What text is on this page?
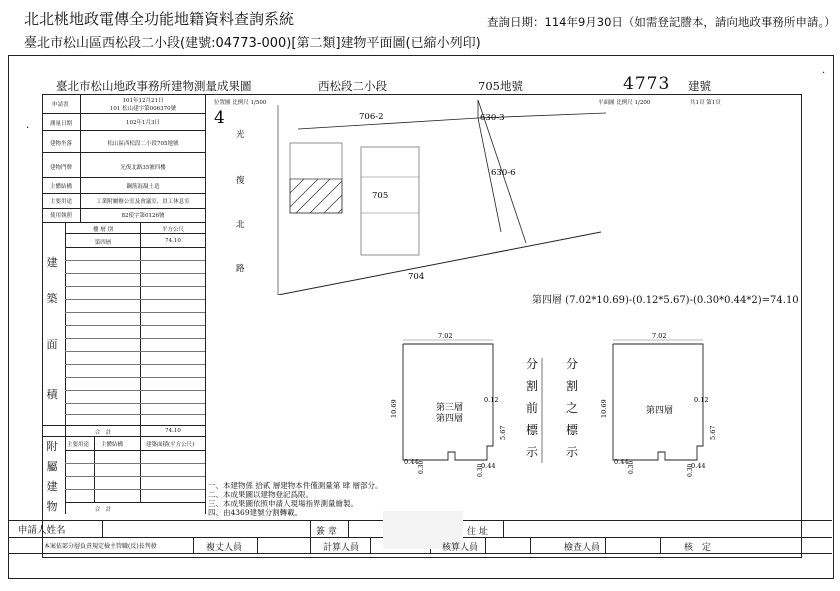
北北桃地政電傳全功能地籍資料查詢系統
臺北市松山區西松段二小段(建號:04773-000)[第二類]建物平面圖(已縮小列印)
查詢日期：114年9月30日（如需登記謄本，請向地政事務所申請。）
·
·
臺北市松山地政事務所建物測量成果圖	西松段二小段	705地號	4773 建號
位置圖 比例尺 1/500	平面圖 比例尺 1/200	共1頁 第1頁
申請書
101年12月21日
101 松山建字第006370號
測量日期	102年1月3日
建物坐落	松山區西松段二小段705地號
建物門牌	光復北路35號四樓
主體結構	鋼筋混凝土造
主要用途	工業附屬辦公室及會議室、員工休息室
使用執照	82使字第0126號
樓 層 別	平方公尺
第四層	74.10
合　計	74.10
建
築
面
積
主要用途 主體結構	建築面積(平方公尺)
合　計
附
屬
建
物
4
光
復
北
路
706-2	630-3
630-6
705
704
第四層 (7.02*10.69)-(0.12*5.67)-(0.30*0.44*2)=74.10
7.02
10.69	第三層
第四層
0.12
5.67
0.44	0.44
0.30	0.30
分
割
前
標
示
分
割
之
標
示
7.02
10.69	第四層
0.12
5.67
0.44	0.44
0.30	0.30
一、本建物係 拾貳 層建物本件僅測量第 肆 層部分。
二、本成果圖以建物登記爲限。
三、本成果圖依照申請人現場指界測量繪製。
四、由4369建號分割轉載。
申請人姓名	簽 章	住 址
本案依部分層負責規定檢主管職(反)長判發	複丈人員	計算人員	核算人員	檢查人員	核　定
